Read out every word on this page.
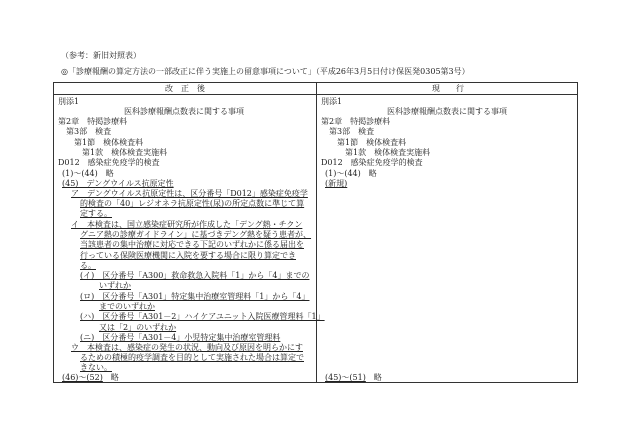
（参考：新旧対照表）
◎「診療報酬の算定方法の一部改正に伴う実施上の留意事項について」（平成26年3月5日付け保医発0305第3号）
改　正　後	現　　行
別添1
医科診療報酬点数表に関する事項
第2章　特掲診療料
第3部　検査
第1節　検体検査料
第1款　検体検査実施料
D012　感染症免疫学的検査
(1)～(44)　略
(45)　デングウイルス抗原定性
ア　デングウイルス抗原定性は、区分番号「D012」感染症免疫学
的検査の「40」レジオネラ抗原定性(尿)の所定点数に準じて算
定する。
イ　本検査は、国立感染症研究所が作成した「デング熱・チクン
グニア熱の診療ガイドライン」に基づきデング熱を疑う患者が、
当該患者の集中治療に対応できる下記のいずれかに係る届出を
行っている保険医療機関に入院を要する場合に限り算定でき
る。
(イ)　区分番号「A300」救命救急入院料「1」から「4」までの
いずれか
(ロ)　区分番号「A301」特定集中治療室管理料「1」から「4」
までのいずれか
(ハ)　区分番号「A301－2」ハイケアユニット入院医療管理料「1」
又は「2」のいずれか
(ニ)　区分番号「A301－4」小児特定集中治療室管理料
ウ　本検査は、感染症の発生の状況、動向及び原因を明らかにす
るための積極的疫学調査を目的として実施された場合は算定で
きない。
(46)～(52)　略
別添1
医科診療報酬点数表に関する事項
第2章　特掲診療料
第3部　検査
第1節　検体検査料
第1款　検体検査実施料
D012　感染症免疫学的検査
(1)～(44)　略
(新規)
(45)～(51)　略
